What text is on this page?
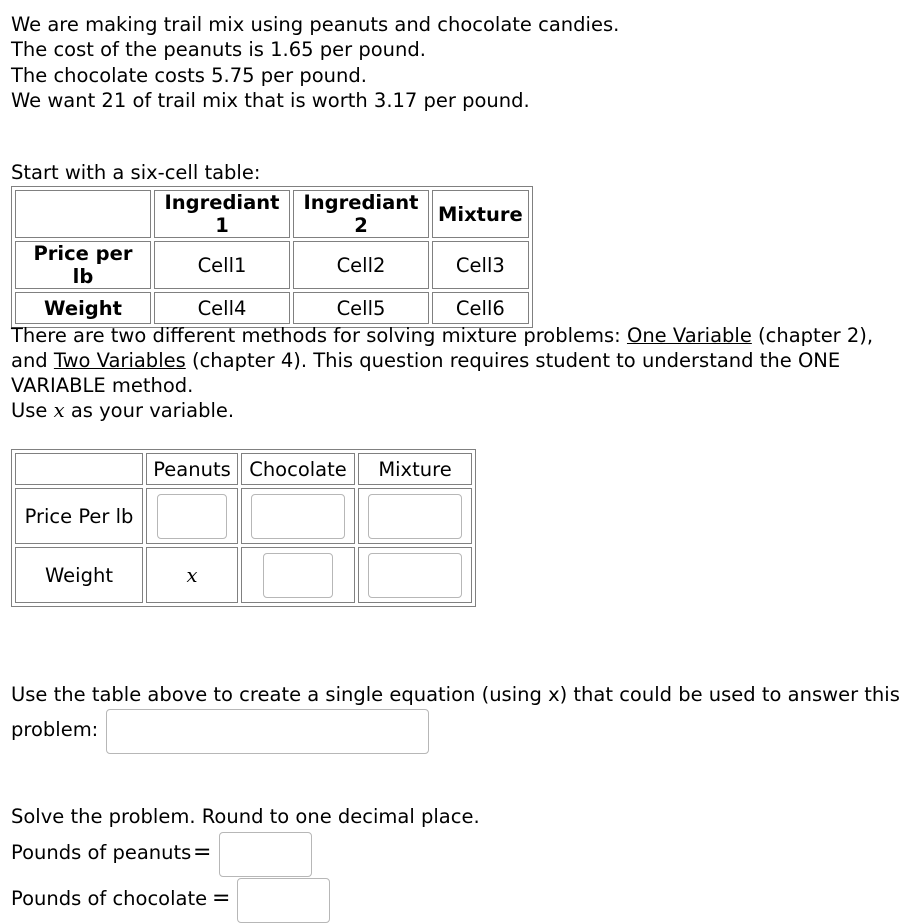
We are making trail mix using peanuts and chocolate candies.
The cost of the peanuts is 1.65 per pound.
The chocolate costs 5.75 per pound.
We want 21 of trail mix that is worth 3.17 per pound.
Start with a six-cell table:
	Ingrediant 1	Ingrediant 2	Mixture
Price per lb	Cell1	Cell2	Cell3
Weight	Cell4	Cell5	Cell6
There are two different methods for solving mixture problems: One Variable (chapter 2), and Two Variables (chapter 4). This question requires student to understand the ONE VARIABLE method.
Use x as your variable.
	Peanuts	Chocolate	Mixture
Price Per lb			
Weight	x		
Use the table above to create a single equation (using x) that could be used to answer this
problem:
Solve the problem. Round to one decimal place.
Pounds of peanuts =
Pounds of chocolate =
